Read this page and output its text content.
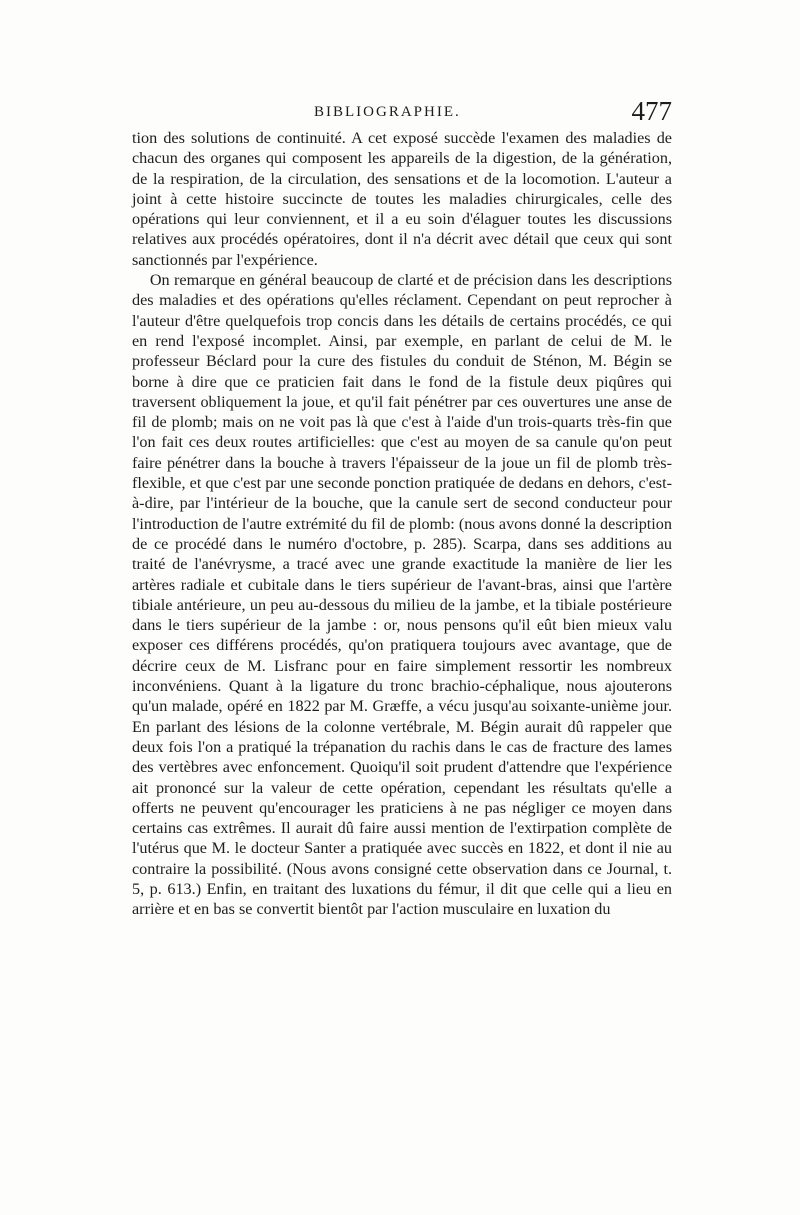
BIBLIOGRAPHIE.	477

tion des solutions de continuité. A cet exposé succède l'examen des maladies de chacun des organes qui composent les appareils de la digestion, de la génération, de la respiration, de la circulation, des sensations et de la locomotion. L'auteur a joint à cette histoire succincte de toutes les maladies chirurgicales, celle des opérations qui leur conviennent, et il a eu soin d'élaguer toutes les discussions relatives aux procédés opératoires, dont il n'a décrit avec détail que ceux qui sont sanctionnés par l'expérience.

On remarque en général beaucoup de clarté et de précision dans les descriptions des maladies et des opérations qu'elles réclament. Cependant on peut reprocher à l'auteur d'être quelquefois trop concis dans les détails de certains procédés, ce qui en rend l'exposé incomplet. Ainsi, par exemple, en parlant de celui de M. le professeur Béclard pour la cure des fistules du conduit de Sténon, M. Bégin se borne à dire que ce praticien fait dans le fond de la fistule deux piqûres qui traversent obliquement la joue, et qu'il fait pénétrer par ces ouvertures une anse de fil de plomb; mais on ne voit pas là que c'est à l'aide d'un trois-quarts très-fin que l'on fait ces deux routes artificielles: que c'est au moyen de sa canule qu'on peut faire pénétrer dans la bouche à travers l'épaisseur de la joue un fil de plomb très-flexible, et que c'est par une seconde ponction pratiquée de dedans en dehors, c'est-à-dire, par l'intérieur de la bouche, que la canule sert de second conducteur pour l'introduction de l'autre extrémité du fil de plomb: (nous avons donné la description de ce procédé dans le numéro d'octobre, p. 285). Scarpa, dans ses additions au traité de l'anévrysme, a tracé avec une grande exactitude la manière de lier les artères radiale et cubitale dans le tiers supérieur de l'avant-bras, ainsi que l'artère tibiale antérieure, un peu au-dessous du milieu de la jambe, et la tibiale postérieure dans le tiers supérieur de la jambe : or, nous pensons qu'il eût bien mieux valu exposer ces différens procédés, qu'on pratiquera toujours avec avantage, que de décrire ceux de M. Lisfranc pour en faire simplement ressortir les nombreux inconvéniens. Quant à la ligature du tronc brachio-céphalique, nous ajouterons qu'un malade, opéré en 1822 par M. Græffe, a vécu jusqu'au soixante-unième jour. En parlant des lésions de la colonne vertébrale, M. Bégin aurait dû rappeler que deux fois l'on a pratiqué la trépanation du rachis dans le cas de fracture des lames des vertèbres avec enfoncement. Quoiqu'il soit prudent d'attendre que l'expérience ait prononcé sur la valeur de cette opération, cependant les résultats qu'elle a offerts ne peuvent qu'encourager les praticiens à ne pas négliger ce moyen dans certains cas extrêmes. Il aurait dû faire aussi mention de l'extirpation complète de l'utérus que M. le docteur Santer a pratiquée avec succès en 1822, et dont il nie au contraire la possibilité. (Nous avons consigné cette observation dans ce Journal, t. 5, p. 613.) Enfin, en traitant des luxations du fémur, il dit que celle qui a lieu en arrière et en bas se convertit bientôt par l'action musculaire en luxation du
